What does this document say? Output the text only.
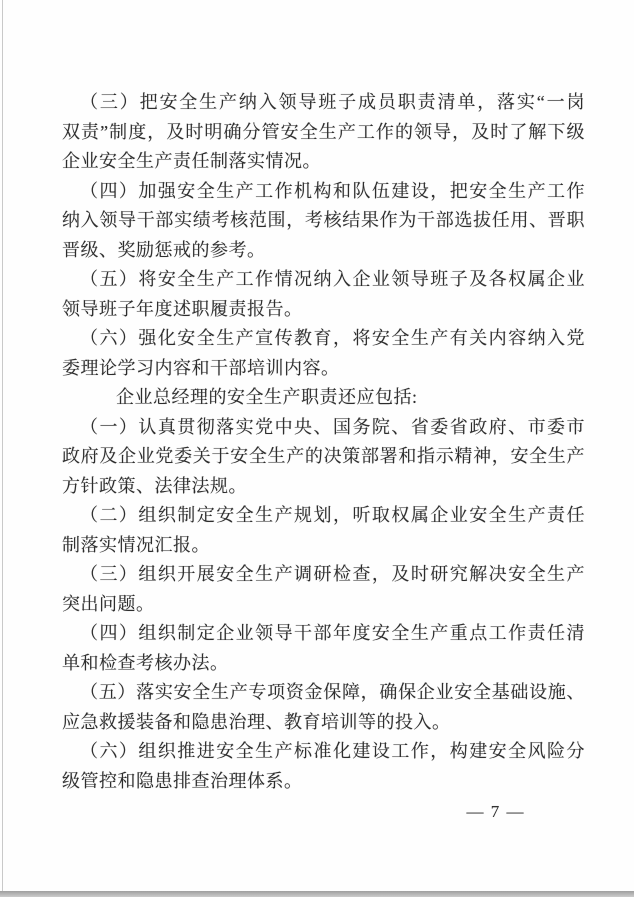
（三）把安全生产纳入领导班子成员职责清单，落实“一岗
双责”制度，及时明确分管安全生产工作的领导，及时了解下级
企业安全生产责任制落实情况。

（四）加强安全生产工作机构和队伍建设，把安全生产工作
纳入领导干部实绩考核范围，考核结果作为干部选拔任用、晋职
晋级、奖励惩戒的参考。

（五）将安全生产工作情况纳入企业领导班子及各权属企业
领导班子年度述职履责报告。

（六）强化安全生产宣传教育，将安全生产有关内容纳入党
委理论学习内容和干部培训内容。

企业总经理的安全生产职责还应包括:

（一）认真贯彻落实党中央、国务院、省委省政府、市委市
政府及企业党委关于安全生产的决策部署和指示精神，安全生产
方针政策、法律法规。

（二）组织制定安全生产规划，听取权属企业安全生产责任
制落实情况汇报。

（三）组织开展安全生产调研检查，及时研究解决安全生产
突出问题。

（四）组织制定企业领导干部年度安全生产重点工作责任清
单和检查考核办法。

（五）落实安全生产专项资金保障，确保企业安全基础设施、
应急救援装备和隐患治理、教育培训等的投入。

（六）组织推进安全生产标准化建设工作，构建安全风险分
级管控和隐患排查治理体系。

— 7 —
